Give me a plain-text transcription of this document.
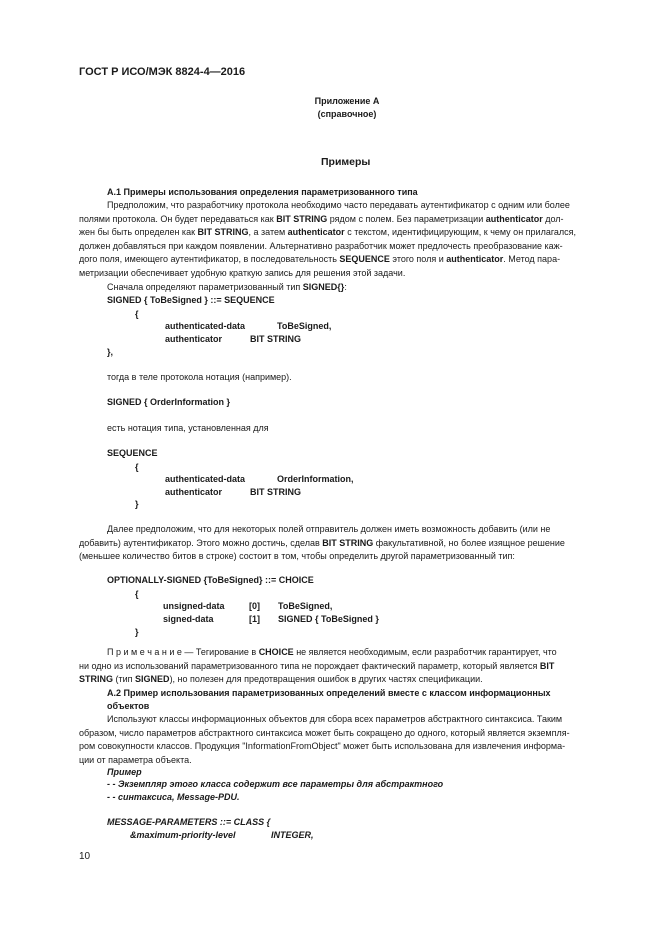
ГОСТ Р ИСО/МЭК 8824-4—2016
Приложение А
(справочное)
Примеры
А.1 Примеры использования определения параметризованного типа
Предположим, что разработчику протокола необходимо часто передавать аутентификатор с одним или более
полями протокола. Он будет передаваться как BIT STRING рядом с полем. Без параметризации authenticator дол-
жен бы быть определен как BIT STRING, а затем authenticator с текстом, идентифицирующим, к чему он прилагался,
должен добавляться при каждом появлении. Альтернативно разработчик может предлочесть преобразование каж-
дого поля, имеющего аутентификатор, в последовательность SEQUENCE этого поля и authenticator. Метод пара-
метризации обеспечивает удобную краткую запись для решения этой задачи.
Сначала определяют параметризованный тип SIGNED{}:
SIGNED { ToBeSigned } ::= SEQUENCE
{
authenticated-data	ToBeSigned,
authenticator	BIT STRING
},
тогда в теле протокола нотация (например).
SIGNED { OrderInformation }
есть нотация типа, установленная для
SEQUENCE
{
authenticated-data	OrderInformation,
authenticator	BIT STRING
}
Далее предположим, что для некоторых полей отправитель должен иметь возможность добавить (или не
добавить) аутентификатор. Этого можно достичь, сделав BIT STRING факультативной, но более изящное решение
(меньшее количество битов в строке) состоит в том, чтобы определить другой параметризованный тип:
OPTIONALLY-SIGNED {ToBeSigned} ::= CHOICE
{
unsigned-data	[0] ToBeSigned,
signed-data	[1] SIGNED { ToBeSigned }
}
П р и м е ч а н и е — Тегирование в CHOICE не является необходимым, если разработчик гарантирует, что
ни одно из использований параметризованного типа не порождает фактический параметр, который является BIT
STRING (тип SIGNED), но полезен для предотвращения ошибок в других частях спецификации.
А.2 Пример использования параметризованных определений вместе с классом информационных
объектов
Используют классы информационных объектов для сбора всех параметров абстрактного синтаксиса. Таким
образом, число параметров абстрактного синтаксиса может быть сокращено до одного, который является экземпля-
ром совокупности классов. Продукция "InformationFromObject" может быть использована для извлечения информа-
ции от параметра объекта.
Пример
- - Экземпляр этого класса содержит все параметры для абстрактного
- - синтаксиса, Message-PDU.
MESSAGE-PARAMETERS ::= CLASS {
&maximum-priority-level	INTEGER,
10
